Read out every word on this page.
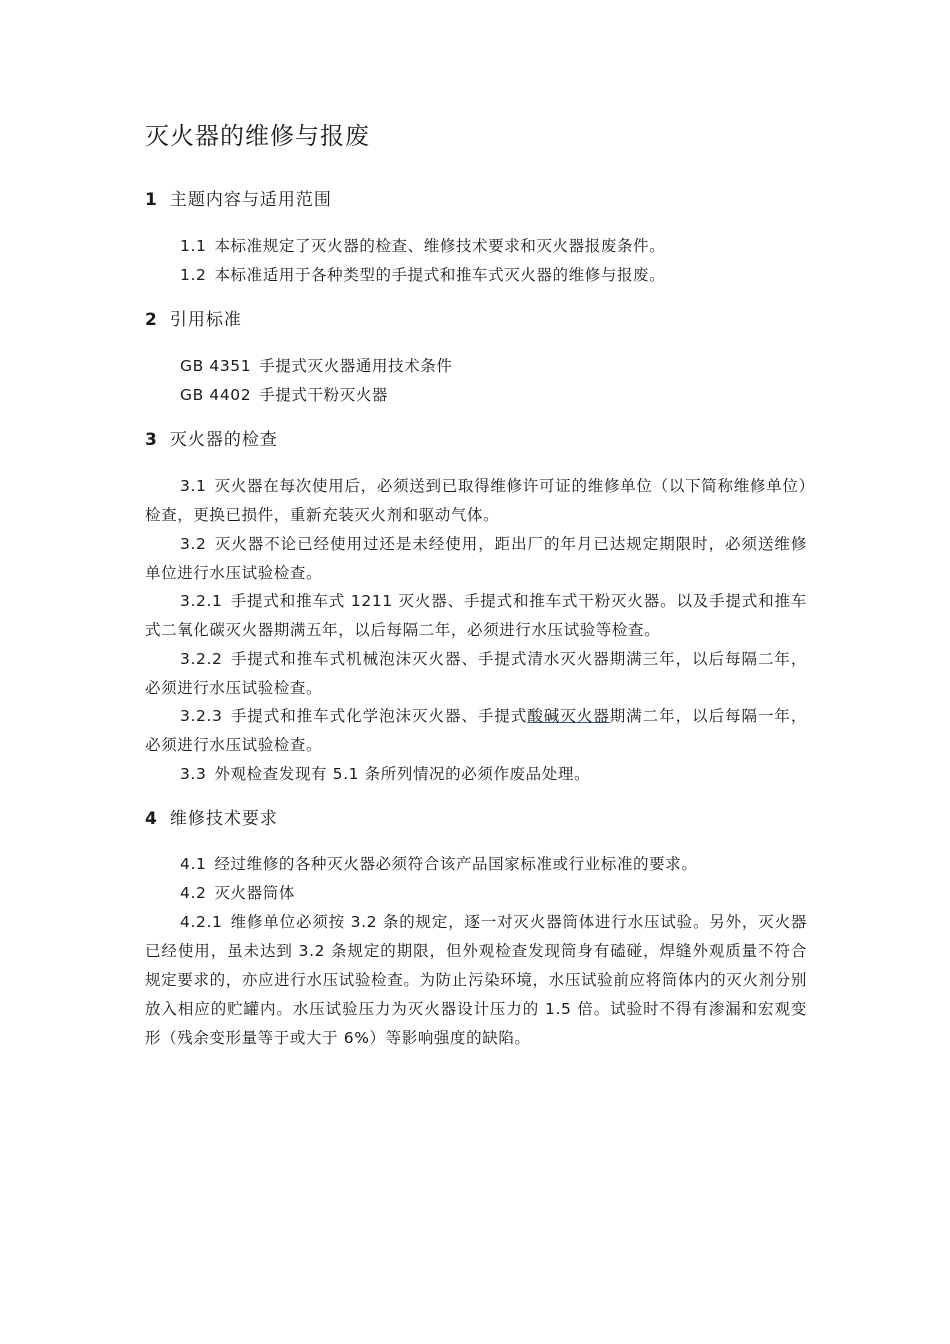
灭火器的维修与报废
1 主题内容与适用范围
1.1 本标准规定了灭火器的检查、维修技术要求和灭火器报废条件。
1.2 本标准适用于各种类型的手提式和推车式灭火器的维修与报废。
2 引用标准
GB 4351 手提式灭火器通用技术条件
GB 4402 手提式干粉灭火器
3 灭火器的检查
3.1 灭火器在每次使用后，必须送到已取得维修许可证的维修单位（以下简称维修单位）检查，更换已损件，重新充装灭火剂和驱动气体。
3.2 灭火器不论已经使用过还是未经使用，距出厂的年月已达规定期限时，必须送维修单位进行水压试验检查。
3.2.1 手提式和推车式 1211 灭火器、手提式和推车式干粉灭火器。以及手提式和推车式二氧化碳灭火器期满五年，以后每隔二年，必须进行水压试验等检查。
3.2.2 手提式和推车式机械泡沫灭火器、手提式清水灭火器期满三年，以后每隔二年，必须进行水压试验检查。
3.2.3 手提式和推车式化学泡沫灭火器、手提式酸碱灭火器期满二年，以后每隔一年，必须进行水压试验检查。
3.3 外观检查发现有 5.1 条所列情况的必须作废品处理。
4 维修技术要求
4.1 经过维修的各种灭火器必须符合该产品国家标准或行业标准的要求。
4.2 灭火器筒体
4.2.1 维修单位必须按 3.2 条的规定，逐一对灭火器筒体进行水压试验。另外，灭火器已经使用，虽未达到 3.2 条规定的期限，但外观检查发现筒身有磕碰，焊缝外观质量不符合规定要求的，亦应进行水压试验检查。为防止污染环境，水压试验前应将筒体内的灭火剂分别放入相应的贮罐内。水压试验压力为灭火器设计压力的 1.5 倍。试验时不得有渗漏和宏观变形（残余变形量等于或大于 6%）等影响强度的缺陷。
